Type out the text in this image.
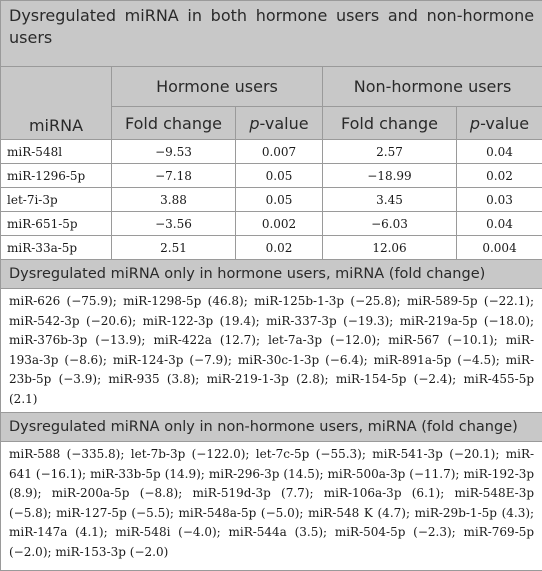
Dysregulated miRNA in both hormone users and non-hormone users				
miRNA	Hormone users		Non-hormone users	
	Fold change	p-value	Fold change	p-value
miR-548l	−9.53	0.007	2.57	0.04
miR-1296-5p	−7.18	0.05	−18.99	0.02
let-7i-3p	3.88	0.05	3.45	0.03
miR-651-5p	−3.56	0.002	−6.03	0.04
miR-33a-5p	2.51	0.02	12.06	0.004
Dysregulated miRNA only in hormone users, miRNA (fold change)				
miR-626 (−75.9); miR-1298-5p (46.8); miR-125b-1-3p (−25.8); miR-589-5p (−22.1); miR-542-3p (−20.6); miR-122-3p (19.4); miR-337-3p (−19.3); miR-219a-5p (−18.0); miR-376b-3p (−13.9); miR-422a (12.7); let-7a-3p (−12.0); miR-567 (−10.1); miR-193a-3p (−8.6); miR-124-3p (−7.9); miR-30c-1-3p (−6.4); miR-891a-5p (−4.5); miR-23b-5p (−3.9); miR-935 (3.8); miR-219-1-3p (2.8); miR-154-5p (−2.4); miR-455-5p (2.1)				
Dysregulated miRNA only in non-hormone users, miRNA (fold change)				
miR-588 (−335.8); let-7b-3p (−122.0); let-7c-5p (−55.3); miR-541-3p (−20.1); miR-641 (−16.1); miR-33b-5p (14.9); miR-296-3p (14.5); miR-500a-3p (−11.7); miR-192-3p (8.9); miR-200a-5p (−8.8); miR-519d-3p (7.7); miR-106a-3p (6.1); miR-548E-3p (−5.8); miR-127-5p (−5.5); miR-548a-5p (−5.0); miR-548 K (4.7); miR-29b-1-5p (4.3); miR-147a (4.1); miR-548i (−4.0); miR-544a (3.5); miR-504-5p (−2.3); miR-769-5p (−2.0); miR-153-3p (−2.0)				
